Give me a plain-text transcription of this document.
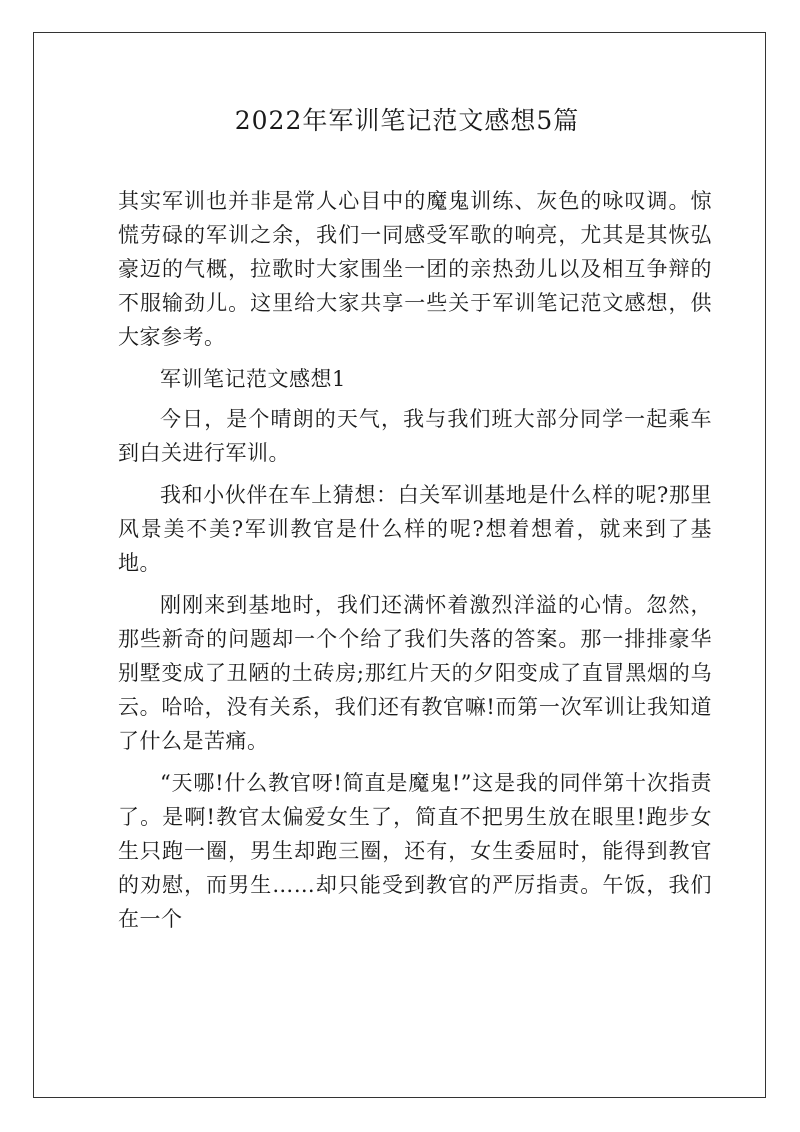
2022年军训笔记范文感想5篇

其实军训也并非是常人心目中的魔鬼训练、灰色的咏叹调。惊慌劳碌的军训之余，我们一同感受军歌的响亮，尤其是其恢弘豪迈的气概，拉歌时大家围坐一团的亲热劲儿以及相互争辩的不服输劲儿。这里给大家共享一些关于军训笔记范文感想，供大家参考。

军训笔记范文感想1

今日，是个晴朗的天气，我与我们班大部分同学一起乘车到白关进行军训。

我和小伙伴在车上猜想：白关军训基地是什么样的呢?那里风景美不美?军训教官是什么样的呢?想着想着，就来到了基地。

刚刚来到基地时，我们还满怀着激烈洋溢的心情。忽然，那些新奇的问题却一个个给了我们失落的答案。那一排排豪华别墅变成了丑陋的土砖房;那红片天的夕阳变成了直冒黑烟的乌云。哈哈，没有关系，我们还有教官嘛!而第一次军训让我知道了什么是苦痛。

“天哪!什么教官呀!简直是魔鬼!”这是我的同伴第十次指责了。是啊!教官太偏爱女生了，简直不把男生放在眼里!跑步女生只跑一圈，男生却跑三圈，还有，女生委屈时，能得到教官的劝慰，而男生……却只能受到教官的严厉指责。午饭，我们在一个
